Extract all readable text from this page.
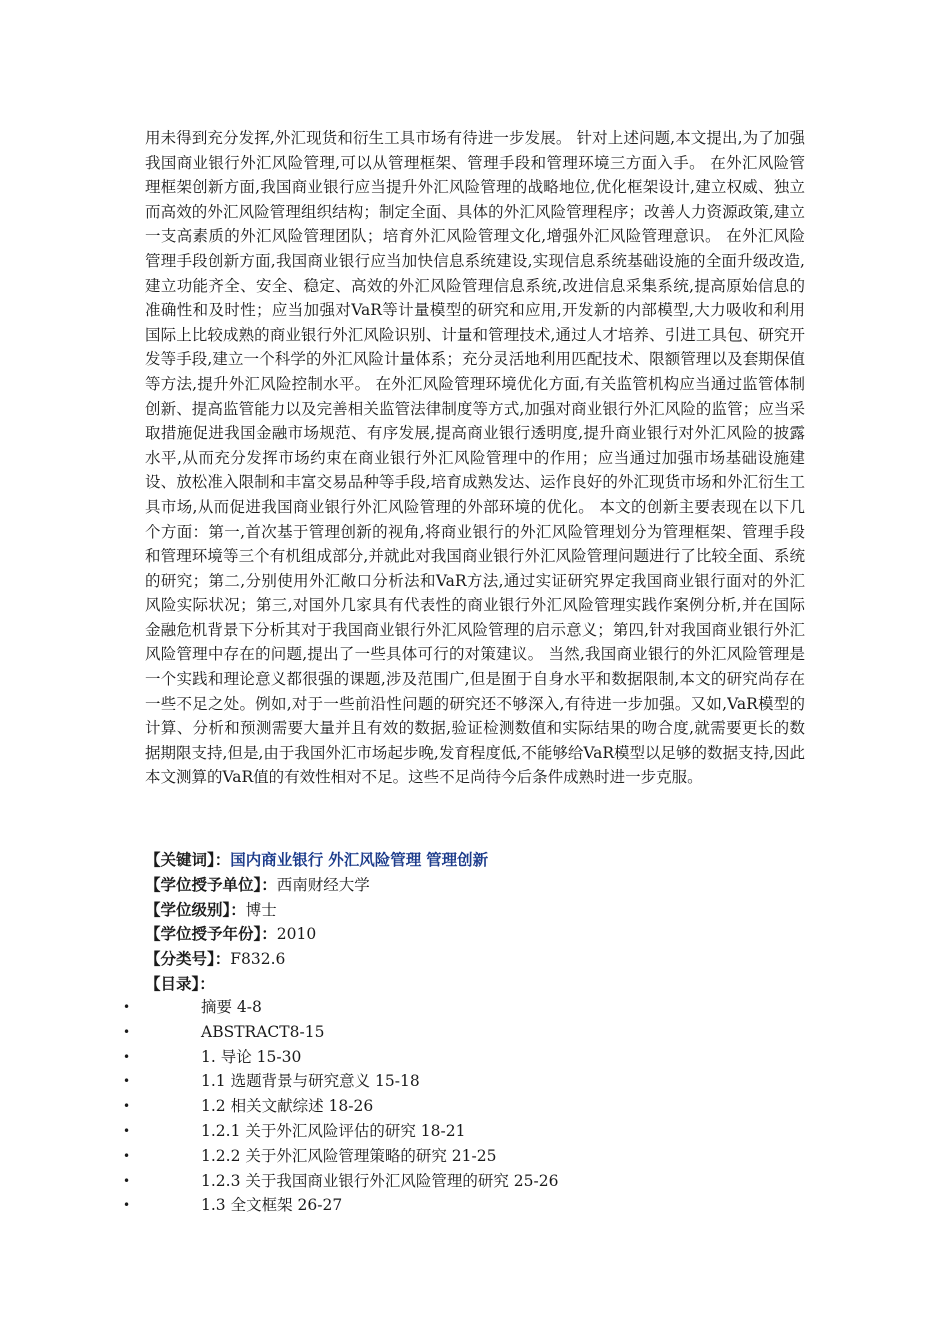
用未得到充分发挥,外汇现货和衍生工具市场有待进一步发展。 针对上述问题,本文提出,为了加强我国商业银行外汇风险管理,可以从管理框架、管理手段和管理环境三方面入手。 在外汇风险管理框架创新方面,我国商业银行应当提升外汇风险管理的战略地位,优化框架设计,建立权威、独立而高效的外汇风险管理组织结构；制定全面、具体的外汇风险管理程序；改善人力资源政策,建立一支高素质的外汇风险管理团队；培育外汇风险管理文化,增强外汇风险管理意识。 在外汇风险管理手段创新方面,我国商业银行应当加快信息系统建设,实现信息系统基础设施的全面升级改造,建立功能齐全、安全、稳定、高效的外汇风险管理信息系统,改进信息采集系统,提高原始信息的准确性和及时性；应当加强对VaR等计量模型的研究和应用,开发新的内部模型,大力吸收和利用国际上比较成熟的商业银行外汇风险识别、计量和管理技术,通过人才培养、引进工具包、研究开发等手段,建立一个科学的外汇风险计量体系；充分灵活地利用匹配技术、限额管理以及套期保值等方法,提升外汇风险控制水平。 在外汇风险管理环境优化方面,有关监管机构应当通过监管体制创新、提高监管能力以及完善相关监管法律制度等方式,加强对商业银行外汇风险的监管；应当采取措施促进我国金融市场规范、有序发展,提高商业银行透明度,提升商业银行对外汇风险的披露水平,从而充分发挥市场约束在商业银行外汇风险管理中的作用；应当通过加强市场基础设施建设、放松准入限制和丰富交易品种等手段,培育成熟发达、运作良好的外汇现货市场和外汇衍生工具市场,从而促进我国商业银行外汇风险管理的外部环境的优化。 本文的创新主要表现在以下几个方面：第一,首次基于管理创新的视角,将商业银行的外汇风险管理划分为管理框架、管理手段和管理环境等三个有机组成部分,并就此对我国商业银行外汇风险管理问题进行了比较全面、系统的研究；第二,分别使用外汇敞口分析法和VaR方法,通过实证研究界定我国商业银行面对的外汇风险实际状况；第三,对国外几家具有代表性的商业银行外汇风险管理实践作案例分析,并在国际金融危机背景下分析其对于我国商业银行外汇风险管理的启示意义；第四,针对我国商业银行外汇风险管理中存在的问题,提出了一些具体可行的对策建议。 当然,我国商业银行的外汇风险管理是一个实践和理论意义都很强的课题,涉及范围广,但是囿于自身水平和数据限制,本文的研究尚存在一些不足之处。例如,对于一些前沿性问题的研究还不够深入,有待进一步加强。又如,VaR模型的计算、分析和预测需要大量并且有效的数据,验证检测数值和实际结果的吻合度,就需要更长的数据期限支持,但是,由于我国外汇市场起步晚,发育程度低,不能够给VaR模型以足够的数据支持,因此本文测算的VaR值的有效性相对不足。这些不足尚待今后条件成熟时进一步克服。

【关键词】：国内商业银行 外汇风险管理 管理创新
【学位授予单位】：西南财经大学
【学位级别】：博士
【学位授予年份】：2010
【分类号】：F832.6
【目录】：
•	摘要 4-8
•	ABSTRACT8-15
•	1. 导论 15-30
•	1.1 选题背景与研究意义 15-18
•	1.2 相关文献综述 18-26
•	1.2.1 关于外汇风险评估的研究 18-21
•	1.2.2 关于外汇风险管理策略的研究 21-25
•	1.2.3 关于我国商业银行外汇风险管理的研究 25-26
•	1.3 全文框架 26-27
